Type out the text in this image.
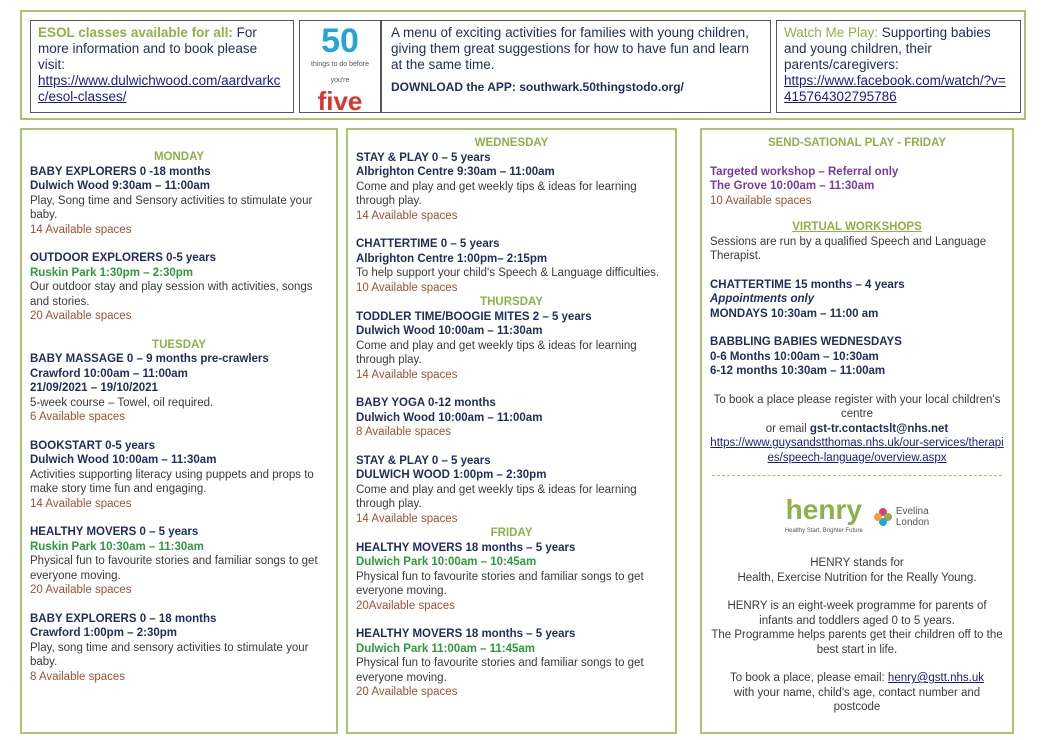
ESOL classes available for all: For more information and to book please visit:
https://www.dulwichwood.com/aardvarkcc/esol-classes/
50
things to do before you're
five
A menu of exciting activities for families with young children, giving them great suggestions for how to have fun and learn at the same time.
DOWNLOAD the APP: southwark.50thingstodo.org/
Watch Me Play: Supporting babies and young children, their parents/caregivers:
https://www.facebook.com/watch/?v=415764302795786
MONDAY
BABY EXPLORERS 0 -18 months
Dulwich Wood 9:30am – 11:00am
Play, Song time and Sensory activities to stimulate your baby.
14 Available spaces
OUTDOOR EXPLORERS 0-5 years
Ruskin Park 1:30pm – 2:30pm
Our outdoor stay and play session with activities, songs and stories.
20 Available spaces
TUESDAY
BABY MASSAGE 0 – 9 months pre-crawlers
Crawford 10:00am – 11:00am
21/09/2021 – 19/10/2021
5-week course – Towel, oil required.
6 Available spaces
BOOKSTART 0-5 years
Dulwich Wood 10:00am – 11:30am
Activities supporting literacy using puppets and props to make story time fun and engaging.
14 Available spaces
HEALTHY MOVERS 0 – 5 years
Ruskin Park 10:30am – 11:30am
Physical fun to favourite stories and familiar songs to get everyone moving.
20 Available spaces
BABY EXPLORERS 0 – 18 months
Crawford 1:00pm – 2:30pm
Play, song time and sensory activities to stimulate your baby.
8 Available spaces
WEDNESDAY
STAY & PLAY 0 – 5 years
Albrighton Centre 9:30am – 11:00am
Come and play and get weekly tips & ideas for learning through play.
14 Available spaces
CHATTERTIME 0 – 5 years
Albrighton Centre 1:00pm– 2:15pm
To help support your child's Speech & Language difficulties.
10 Available spaces
THURSDAY
TODDLER TIME/BOOGIE MITES 2 – 5 years
Dulwich Wood 10:00am – 11:30am
Come and play and get weekly tips & ideas for learning through play.
14 Available spaces
BABY YOGA 0-12 months
Dulwich Wood 10:00am – 11:00am
8 Available spaces
STAY & PLAY 0 – 5 years
DULWICH WOOD 1:00pm – 2:30pm
Come and play and get weekly tips & ideas for learning through play.
14 Available spaces
FRIDAY
HEALTHY MOVERS 18 months – 5 years
Dulwich Park 10:00am – 10:45am
Physical fun to favourite stories and familiar songs to get everyone moving.
20Available spaces
HEALTHY MOVERS 18 months – 5 years
Dulwich Park 11:00am – 11:45am
Physical fun to favourite stories and familiar songs to get everyone moving.
20 Available spaces
SEND-SATIONAL PLAY - FRIDAY
Targeted workshop – Referral only
The Grove 10:00am – 11:30am
10 Available spaces
VIRTUAL WORKSHOPS
Sessions are run by a qualified Speech and Language Therapist.
CHATTERTIME 15 months – 4 years
Appointments only
MONDAYS 10:30am – 11:00 am
BABBLING BABIES WEDNESDAYS
0-6 Months 10:00am – 10:30am
6-12 months 10:30am – 11:00am
To book a place please register with your local children's centre
or email gst-tr.contactslt@nhs.net
https://www.guysandstthomas.nhs.uk/our-services/therapies/speech-language/overview.aspx
henry
Healthy Start, Brighter Future
Evelina
London
HENRY stands for
Health, Exercise Nutrition for the Really Young.
HENRY is an eight-week programme for parents of infants and toddlers aged 0 to 5 years.
The Programme helps parents get their children off to the best start in life.
To book a place, please email: henry@gstt.nhs.uk
with your name, child's age, contact number and postcode
